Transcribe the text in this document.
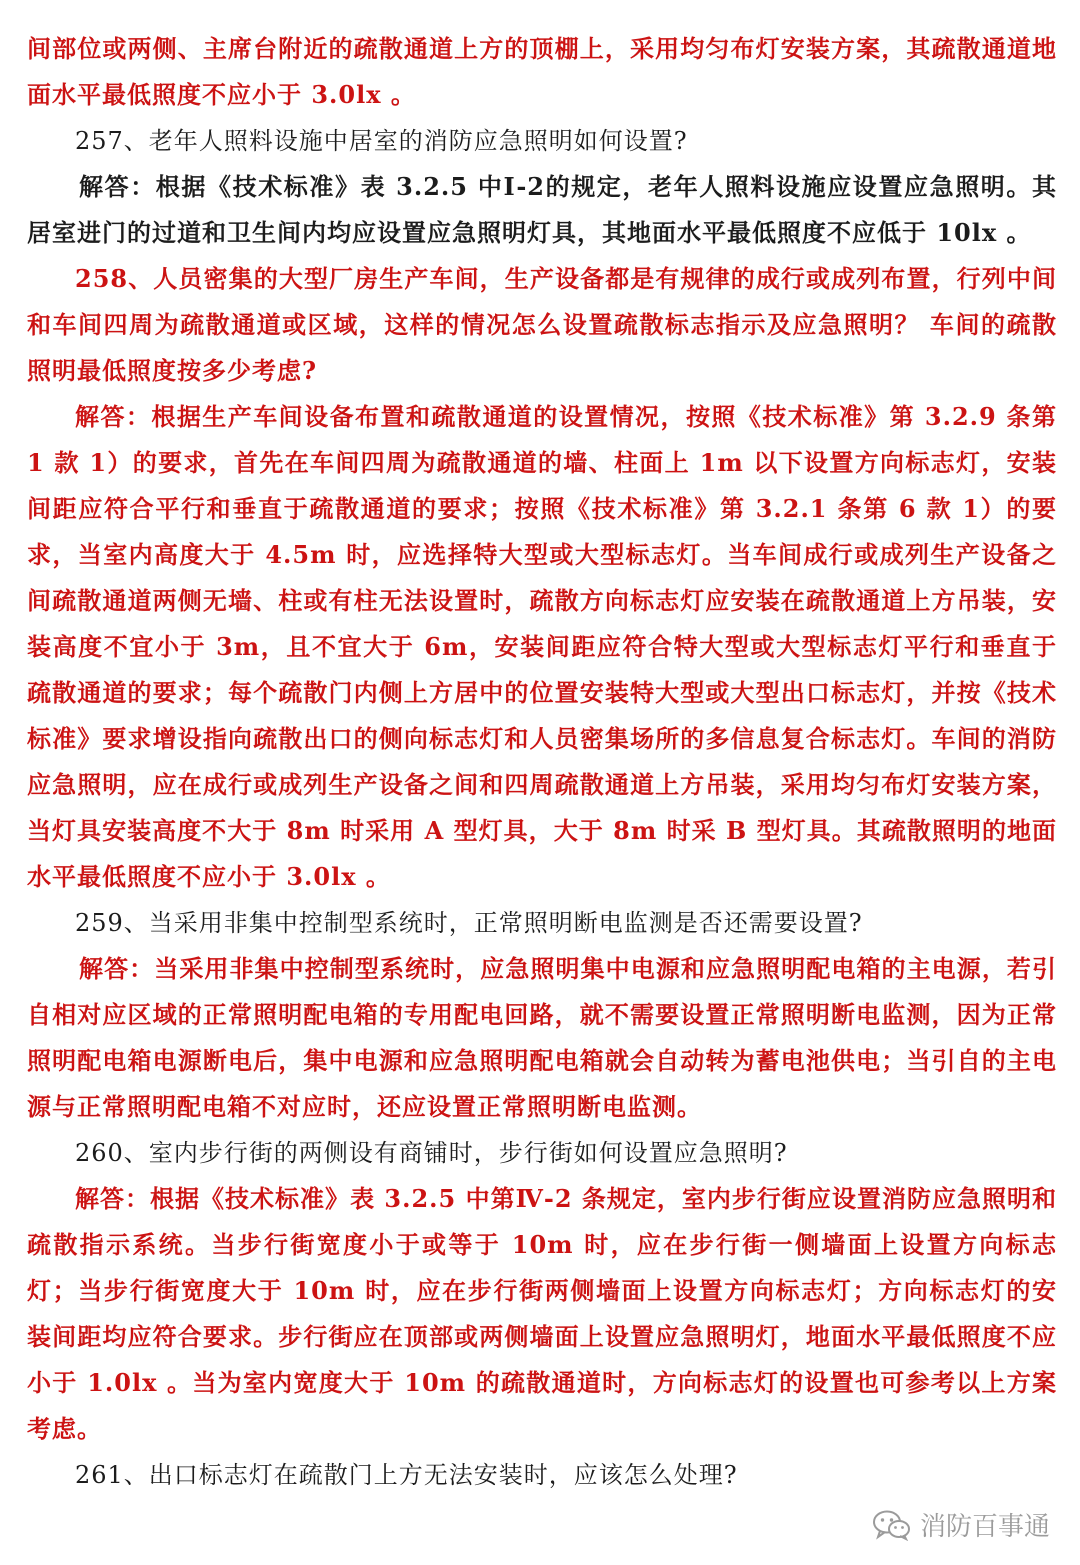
间部位或两侧、主席台附近的疏散通道上方的顶棚上，采用均匀布灯安装方案，其疏散通道地面水平最低照度不应小于 3.0lx 。

257、老年人照料设施中居室的消防应急照明如何设置?

解答：根据《技术标准》表 3.2.5 中Ⅰ-2的规定，老年人照料设施应设置应急照明。其居室进门的过道和卫生间内均应设置应急照明灯具，其地面水平最低照度不应低于 10lx 。

258、人员密集的大型厂房生产车间，生产设备都是有规律的成行或成列布置，行列中间和车间四周为疏散通道或区域，这样的情况怎么设置疏散标志指示及应急照明？ 车间的疏散照明最低照度按多少考虑?

解答：根据生产车间设备布置和疏散通道的设置情况，按照《技术标准》第 3.2.9 条第 1 款 1）的要求，首先在车间四周为疏散通道的墙、柱面上 1m 以下设置方向标志灯，安装间距应符合平行和垂直于疏散通道的要求；按照《技术标准》第 3.2.1 条第 6 款 1）的要求，当室内高度大于 4.5m 时，应选择特大型或大型标志灯。当车间成行或成列生产设备之间疏散通道两侧无墙、柱或有柱无法设置时，疏散方向标志灯应安装在疏散通道上方吊装，安装高度不宜小于 3m，且不宜大于 6m，安装间距应符合特大型或大型标志灯平行和垂直于疏散通道的要求；每个疏散门内侧上方居中的位置安装特大型或大型出口标志灯，并按《技术标准》要求增设指向疏散出口的侧向标志灯和人员密集场所的多信息复合标志灯。车间的消防应急照明，应在成行或成列生产设备之间和四周疏散通道上方吊装，采用均匀布灯安装方案，当灯具安装高度不大于 8m 时采用 A 型灯具，大于 8m 时采 B 型灯具。其疏散照明的地面水平最低照度不应小于 3.0lx 。

259、当采用非集中控制型系统时，正常照明断电监测是否还需要设置?

解答：当采用非集中控制型系统时，应急照明集中电源和应急照明配电箱的主电源，若引自相对应区域的正常照明配电箱的专用配电回路，就不需要设置正常照明断电监测，因为正常照明配电箱电源断电后，集中电源和应急照明配电箱就会自动转为蓄电池供电；当引自的主电源与正常照明配电箱不对应时，还应设置正常照明断电监测。

260、室内步行街的两侧设有商铺时，步行街如何设置应急照明?

解答：根据《技术标准》表 3.2.5 中第Ⅳ-2 条规定，室内步行街应设置消防应急照明和疏散指示系统。当步行街宽度小于或等于 10m 时，应在步行街一侧墙面上设置方向标志灯；当步行街宽度大于 10m 时，应在步行街两侧墙面上设置方向标志灯；方向标志灯的安装间距均应符合要求。步行街应在顶部或两侧墙面上设置应急照明灯，地面水平最低照度不应小于 1.0lx 。当为室内宽度大于 10m 的疏散通道时，方向标志灯的设置也可参考以上方案考虑。

261、出口标志灯在疏散门上方无法安装时，应该怎么处理?

消防百事通
